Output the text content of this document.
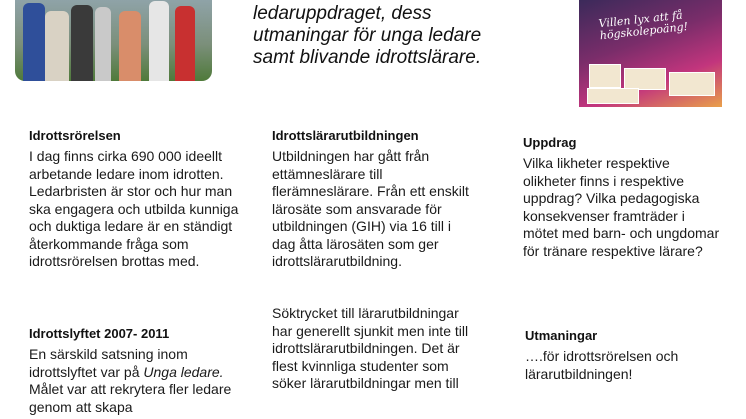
ledaruppdraget, dess
utmaningar för unga ledare
samt blivande idrottslärare.
Villen lyx att få högskolepoäng!
Idrottsrörelsen

I dag finns cirka 690 000 ideellt arbetande ledare inom idrotten. Ledarbristen är stor och hur man ska engagera och utbilda kunniga och duktiga ledare är en ständigt återkommande fråga som idrottsrörelsen brottas med.

Idrottslyftet 2007- 2011

En särskild satsning inom idrottslyftet var på Unga ledare. Målet var att rekrytera fler ledare genom att skapa

Idrottslärarutbildningen

Utbildningen har gått från ettämneslärare till flerämneslärare. Från ett enskilt lärosäte som ansvarade för utbildningen (GIH) via 16 till i dag åtta lärosäten som ger idrottslärarutbildning.

Söktrycket till lärarutbildningar har generellt sjunkit men inte till idrottslärarutbildningen. Det är flest kvinnliga studenter som söker lärarutbildningar men till

Uppdrag

Vilka likheter respektive olikheter finns i respektive uppdrag? Vilka pedagogiska konsekvenser framträder i mötet med barn- och ungdomar för tränare respektive lärare?

Utmaningar

….för idrottsrörelsen och lärarutbildningen!
